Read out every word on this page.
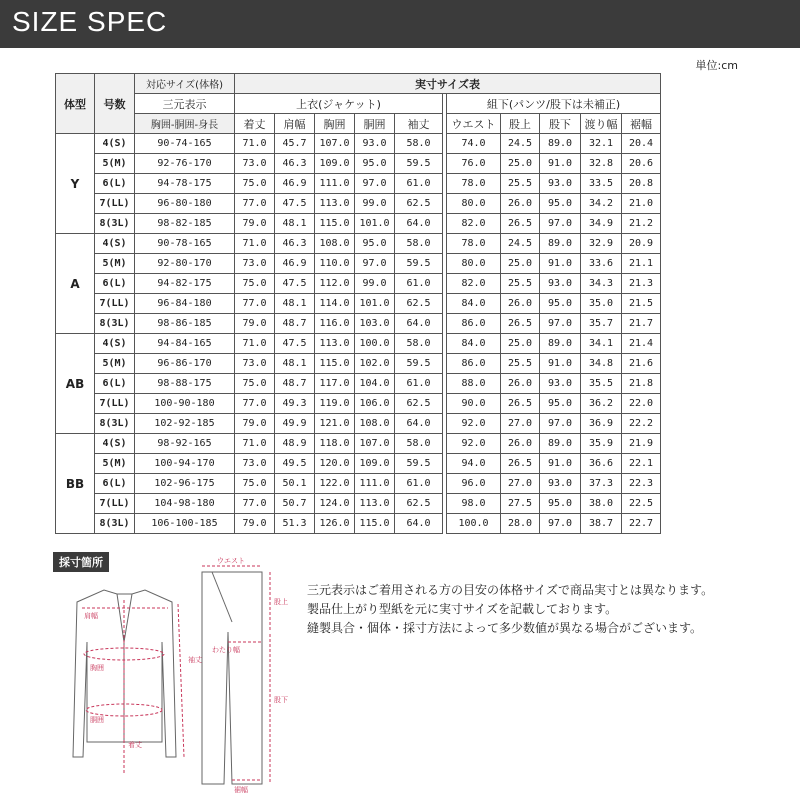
SIZE SPEC
単位:cm
体型	号数	対応サイズ(体格)	実寸サイズ表										
		三元表示	上衣(ジャケット)						組下(パンツ/股下は未補正)				
		胸囲-胴囲-身長	着丈	肩幅	胸囲	胴囲	袖丈		ウエスト	股上	股下	渡り幅	裾幅
Y	4(S)	90-74-165	71.0	45.7	107.0	93.0	58.0		74.0	24.5	89.0	32.1	20.4
	5(M)	92-76-170	73.0	46.3	109.0	95.0	59.5		76.0	25.0	91.0	32.8	20.6
	6(L)	94-78-175	75.0	46.9	111.0	97.0	61.0		78.0	25.5	93.0	33.5	20.8
	7(LL)	96-80-180	77.0	47.5	113.0	99.0	62.5		80.0	26.0	95.0	34.2	21.0
	8(3L)	98-82-185	79.0	48.1	115.0	101.0	64.0		82.0	26.5	97.0	34.9	21.2
A	4(S)	90-78-165	71.0	46.3	108.0	95.0	58.0		78.0	24.5	89.0	32.9	20.9
	5(M)	92-80-170	73.0	46.9	110.0	97.0	59.5		80.0	25.0	91.0	33.6	21.1
	6(L)	94-82-175	75.0	47.5	112.0	99.0	61.0		82.0	25.5	93.0	34.3	21.3
	7(LL)	96-84-180	77.0	48.1	114.0	101.0	62.5		84.0	26.0	95.0	35.0	21.5
	8(3L)	98-86-185	79.0	48.7	116.0	103.0	64.0		86.0	26.5	97.0	35.7	21.7
AB	4(S)	94-84-165	71.0	47.5	113.0	100.0	58.0		84.0	25.0	89.0	34.1	21.4
	5(M)	96-86-170	73.0	48.1	115.0	102.0	59.5		86.0	25.5	91.0	34.8	21.6
	6(L)	98-88-175	75.0	48.7	117.0	104.0	61.0		88.0	26.0	93.0	35.5	21.8
	7(LL)	100-90-180	77.0	49.3	119.0	106.0	62.5		90.0	26.5	95.0	36.2	22.0
	8(3L)	102-92-185	79.0	49.9	121.0	108.0	64.0		92.0	27.0	97.0	36.9	22.2
BB	4(S)	98-92-165	71.0	48.9	118.0	107.0	58.0		92.0	26.0	89.0	35.9	21.9
	5(M)	100-94-170	73.0	49.5	120.0	109.0	59.5		94.0	26.5	91.0	36.6	22.1
	6(L)	102-96-175	75.0	50.1	122.0	111.0	61.0		96.0	27.0	93.0	37.3	22.3
	7(LL)	104-98-180	77.0	50.7	124.0	113.0	62.5		98.0	27.5	95.0	38.0	22.5
	8(3L)	106-100-185	79.0	51.3	126.0	115.0	64.0		100.0	28.0	97.0	38.7	22.7
採寸箇所
肩幅
胸囲
胴囲
袖丈
着丈
ウエスト
股上
股下
わたり幅
裾幅
三元表示はご着用される方の目安の体格サイズで商品実寸とは異なります。
製品仕上がり型紙を元に実寸サイズを記載しております。
縫製具合・個体・採寸方法によって多少数値が異なる場合がございます。
